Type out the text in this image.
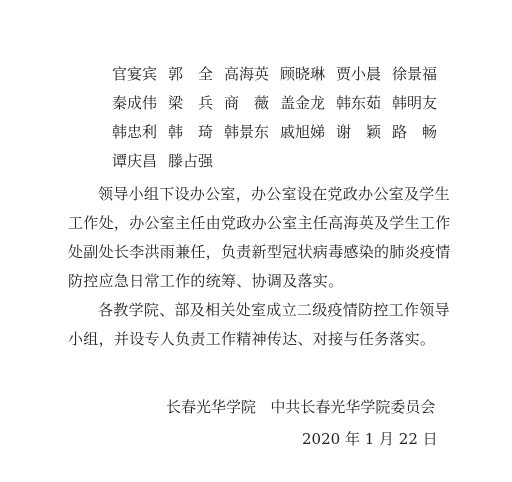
官宴宾 郭　全 高海英 顾晓琳 贾小晨 徐景福
秦成伟 梁　兵 商　薇 盖金龙 韩东茹 韩明友
韩忠利 韩　琦 韩景东 戚旭娣 谢　颖 路　畅
谭庆昌 滕占强

领导小组下设办公室，办公室设在党政办公室及学生工作处，办公室主任由党政办公室主任高海英及学生工作处副处长李洪雨兼任，负责新型冠状病毒感染的肺炎疫情防控应急日常工作的统筹、协调及落实。

各教学院、部及相关处室成立二级疫情防控工作领导小组，并设专人负责工作精神传达、对接与任务落实。

长春光华学院 中共长春光华学院委员会
2020 年 1 月 22 日
